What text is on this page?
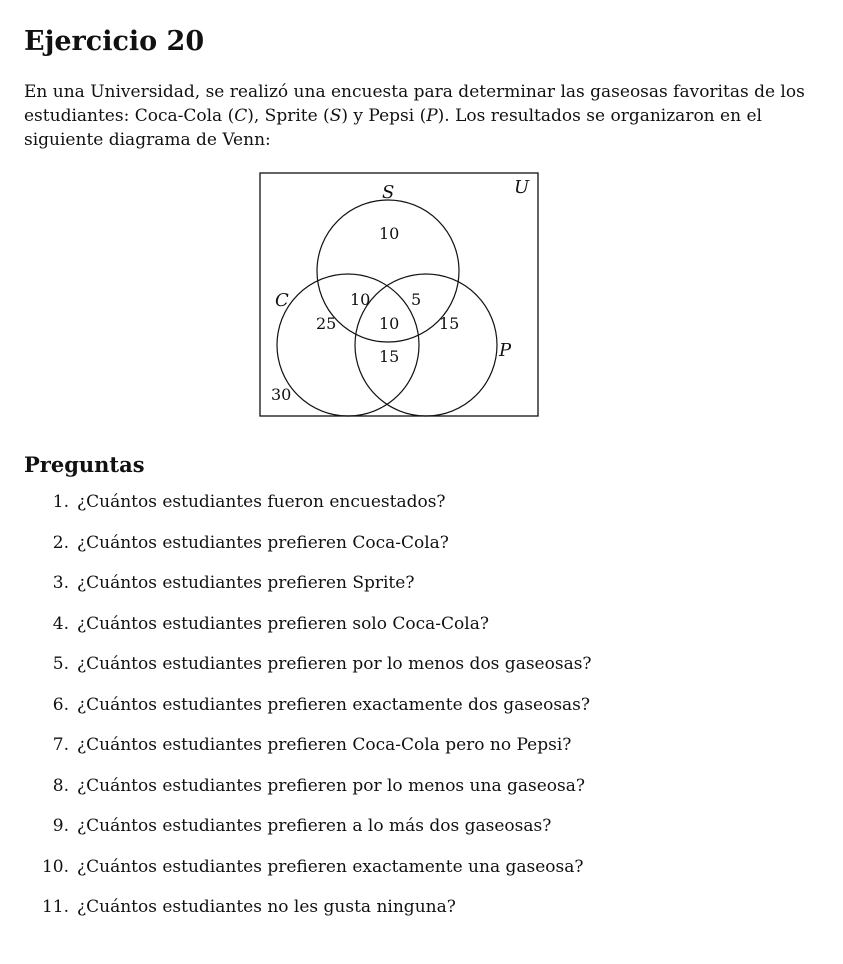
Ejercicio 20

En una Universidad, se realizó una encuesta para determinar las gaseosas favoritas de los estudiantes: Coca-Cola (C), Sprite (S) y Pepsi (P). Los resultados se organizaron en el siguiente diagrama de Venn:

U
S
C
P
10
10	5
25	10 15
15
30
Preguntas
1. ¿Cuántos estudiantes fueron encuestados?
2. ¿Cuántos estudiantes prefieren Coca-Cola?
3. ¿Cuántos estudiantes prefieren Sprite?
4. ¿Cuántos estudiantes prefieren solo Coca-Cola?
5. ¿Cuántos estudiantes prefieren por lo menos dos gaseosas?
6. ¿Cuántos estudiantes prefieren exactamente dos gaseosas?
7. ¿Cuántos estudiantes prefieren Coca-Cola pero no Pepsi?
8. ¿Cuántos estudiantes prefieren por lo menos una gaseosa?
9. ¿Cuántos estudiantes prefieren a lo más dos gaseosas?
10. ¿Cuántos estudiantes prefieren exactamente una gaseosa?
11. ¿Cuántos estudiantes no les gusta ninguna?
